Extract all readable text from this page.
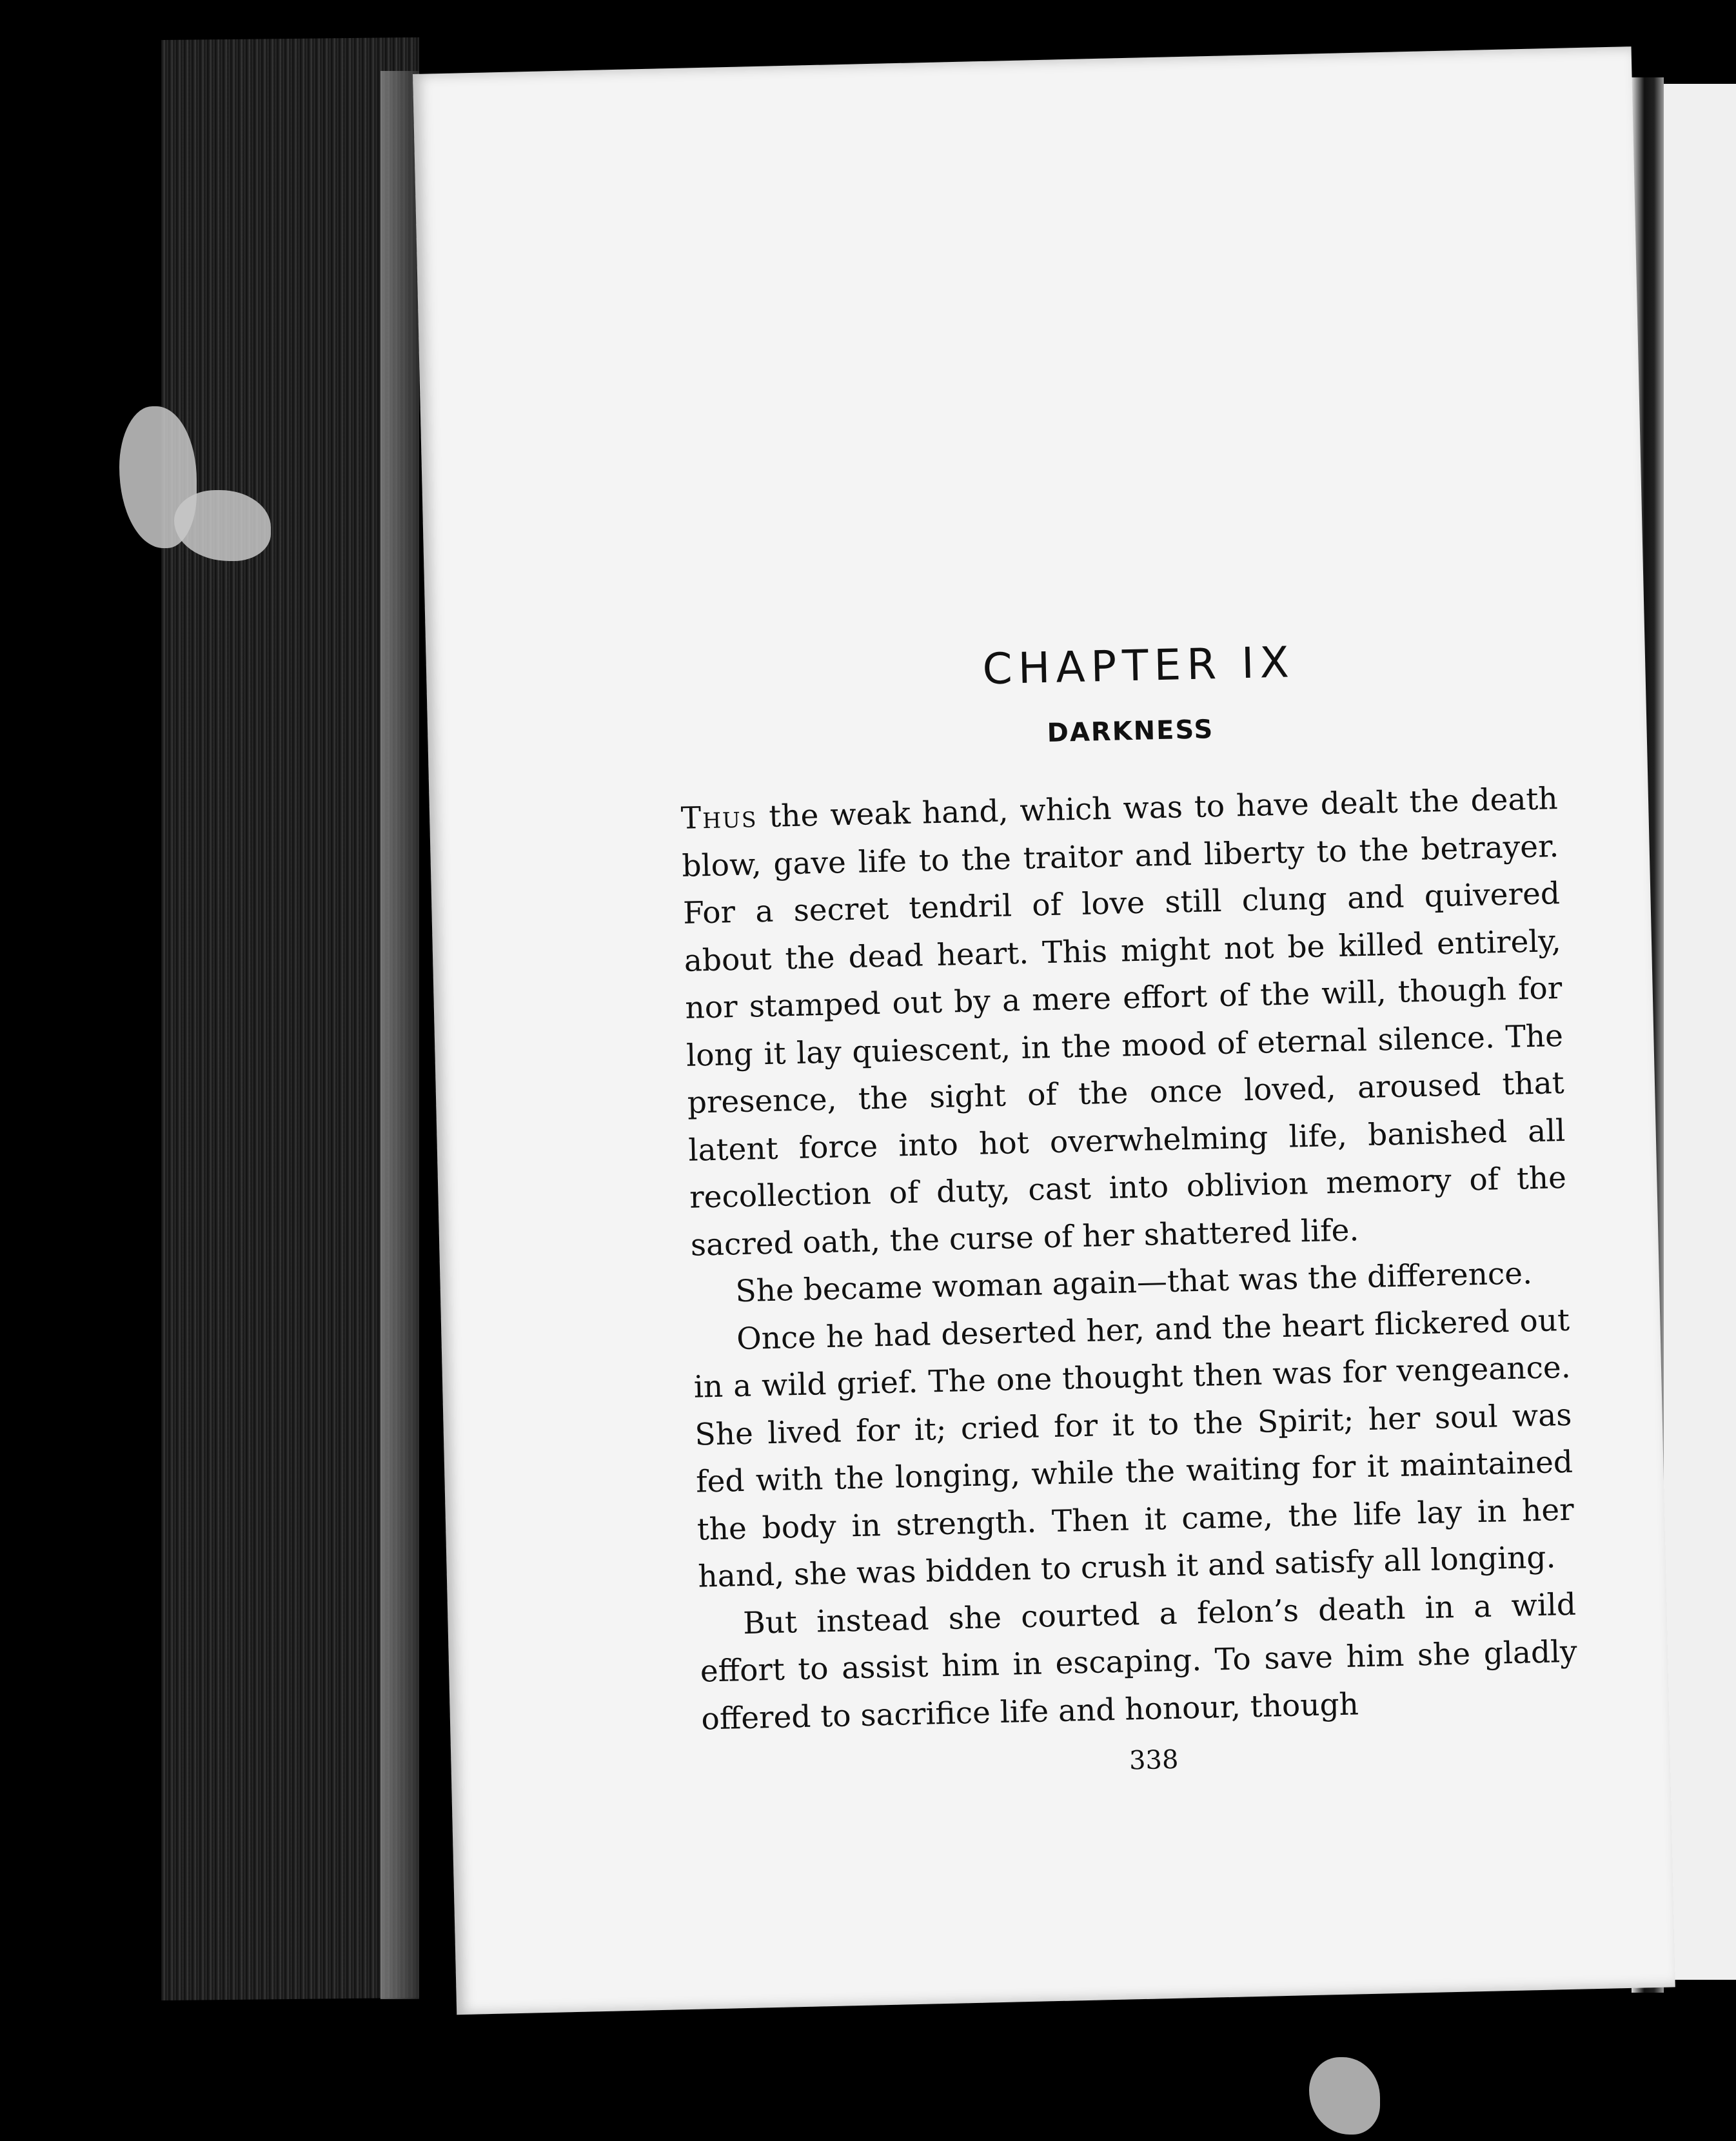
CHAPTER IX
DARKNESS

Thus the weak hand, which was to have dealt the death blow, gave life to the traitor and liberty to the betrayer. For a secret tendril of love still clung and quivered about the dead heart. This might not be killed entirely, nor stamped out by a mere effort of the will, though for long it lay quiescent, in the mood of eternal silence. The presence, the sight of the once loved, aroused that latent force into hot overwhelming life, banished all recollection of duty, cast into oblivion memory of the sacred oath, the curse of her shattered life.

She became woman again—that was the difference.

Once he had deserted her, and the heart flickered out in a wild grief. The one thought then was for vengeance. She lived for it; cried for it to the Spirit; her soul was fed with the longing, while the waiting for it maintained the body in strength. Then it came, the life lay in her hand, she was bidden to crush it and satisfy all longing.

But instead she courted a felon’s death in a wild effort to assist him in escaping. To save him she gladly offered to sacrifice life and honour, though

338
